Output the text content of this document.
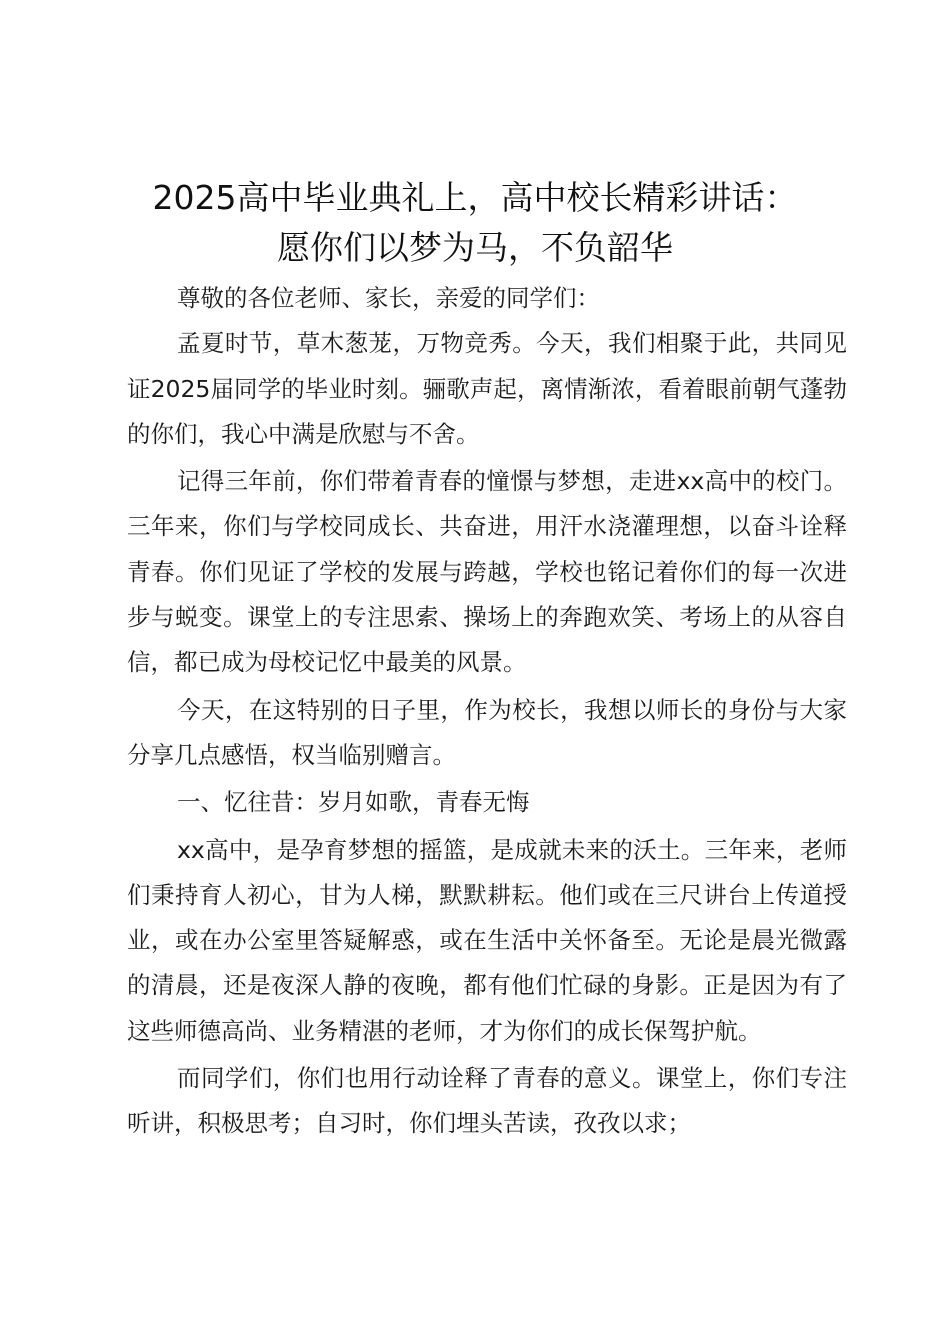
2025高中毕业典礼上，高中校长精彩讲话：
愿你们以梦为马，不负韶华

尊敬的各位老师、家长，亲爱的同学们：

孟夏时节，草木葱茏，万物竞秀。今天，我们相聚于此，共同见证2025届同学的毕业时刻。骊歌声起，离情渐浓，看着眼前朝气蓬勃的你们，我心中满是欣慰与不舍。

记得三年前，你们带着青春的憧憬与梦想，走进xx高中的校门。三年来，你们与学校同成长、共奋进，用汗水浇灌理想，以奋斗诠释青春。你们见证了学校的发展与跨越，学校也铭记着你们的每一次进步与蜕变。课堂上的专注思索、操场上的奔跑欢笑、考场上的从容自信，都已成为母校记忆中最美的风景。

今天，在这特别的日子里，作为校长，我想以师长的身份与大家分享几点感悟，权当临别赠言。

一、忆往昔：岁月如歌，青春无悔

xx高中，是孕育梦想的摇篮，是成就未来的沃土。三年来，老师们秉持育人初心，甘为人梯，默默耕耘。他们或在三尺讲台上传道授业，或在办公室里答疑解惑，或在生活中关怀备至。无论是晨光微露的清晨，还是夜深人静的夜晚，都有他们忙碌的身影。正是因为有了这些师德高尚、业务精湛的老师，才为你们的成长保驾护航。

而同学们，你们也用行动诠释了青春的意义。课堂上，你们专注听讲，积极思考；自习时，你们埋头苦读，孜孜以求；
